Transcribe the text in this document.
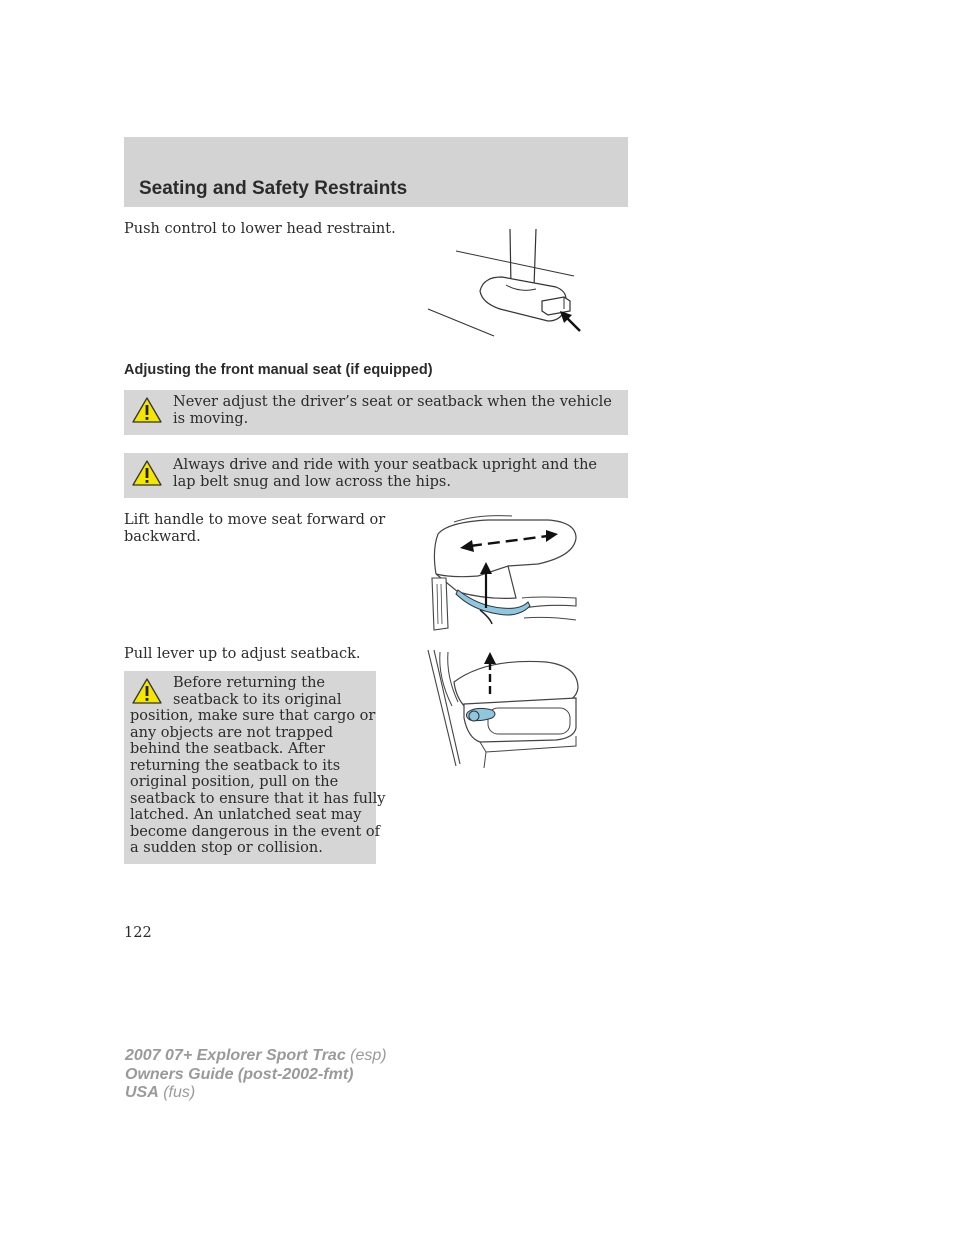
Seating and Safety Restraints
Push control to lower head restraint.
Adjusting the front manual seat (if equipped)
Never adjust the driver’s seat or seatback when the vehicle is moving.
Always drive and ride with your seatback upright and the lap belt snug and low across the hips.
Lift handle to move seat forward or
backward.
Pull lever up to adjust seatback.
Before returning the
seatback to its original
position, make sure that cargo or
any objects are not trapped
behind the seatback. After
returning the seatback to its
original position, pull on the
seatback to ensure that it has fully
latched. An unlatched seat may
become dangerous in the event of
a sudden stop or collision.
122
2007 07+ Explorer Sport Trac (esp)
Owners Guide (post-2002-fmt)
USA (fus)
